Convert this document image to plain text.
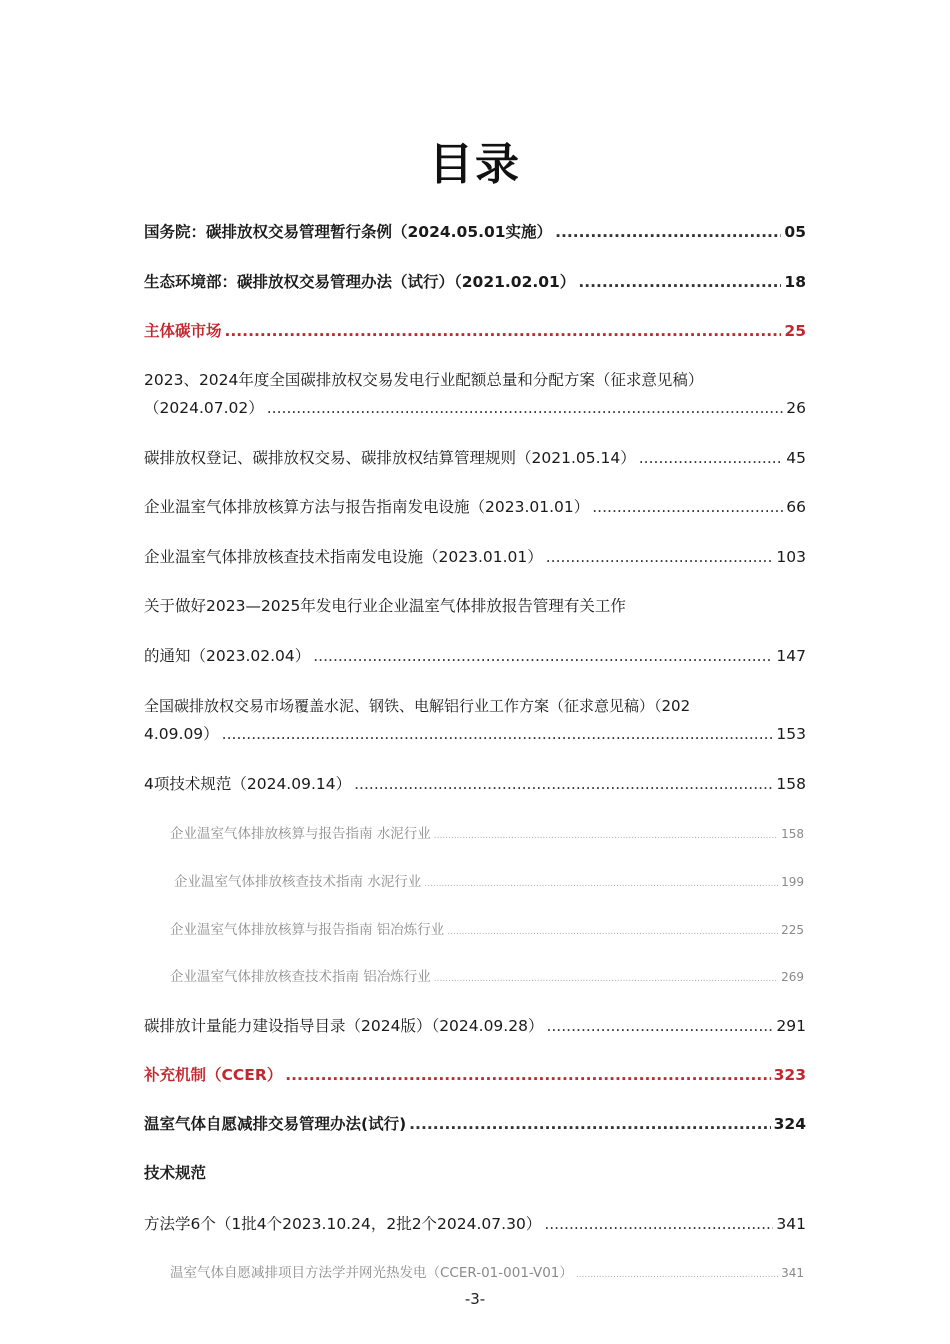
目录
国务院：碳排放权交易管理暂行条例（2024.05.01实施） .....	05
生态环境部：碳排放权交易管理办法（试行）（2021.02.01） .....	18
主体碳市场 .....	25
2023、2024年度全国碳排放权交易发电行业配额总量和分配方案（征求意见稿）
（2024.07.02） .....	26
碳排放权登记、碳排放权交易、碳排放权结算管理规则（2021.05.14） .....	45
企业温室气体排放核算方法与报告指南发电设施（2023.01.01） .....	66
企业温室气体排放核查技术指南发电设施（2023.01.01） .....	103
关于做好2023—2025年发电行业企业温室气体排放报告管理有关工作
的通知（2023.02.04） .....	147
全国碳排放权交易市场覆盖水泥、钢铁、电解铝行业工作方案（征求意见稿）（202
4.09.09） .....	153
4项技术规范（2024.09.14） .....	158
企业温室气体排放核算与报告指南 水泥行业 .....	158
企业温室气体排放核查技术指南 水泥行业 .....	199
企业温室气体排放核算与报告指南 铝冶炼行业 .....	225
企业温室气体排放核查技术指南 铝冶炼行业 .....	269
碳排放计量能力建设指导目录（2024版）（2024.09.28） .....	291
补充机制（CCER） .....	323
温室气体自愿减排交易管理办法(试行) .....	324
技术规范
方法学6个（1批4个2023.10.24，2批2个2024.07.30） .....	341
温室气体自愿减排项目方法学并网光热发电（CCER-01-001-V01） .....	341
-3-
